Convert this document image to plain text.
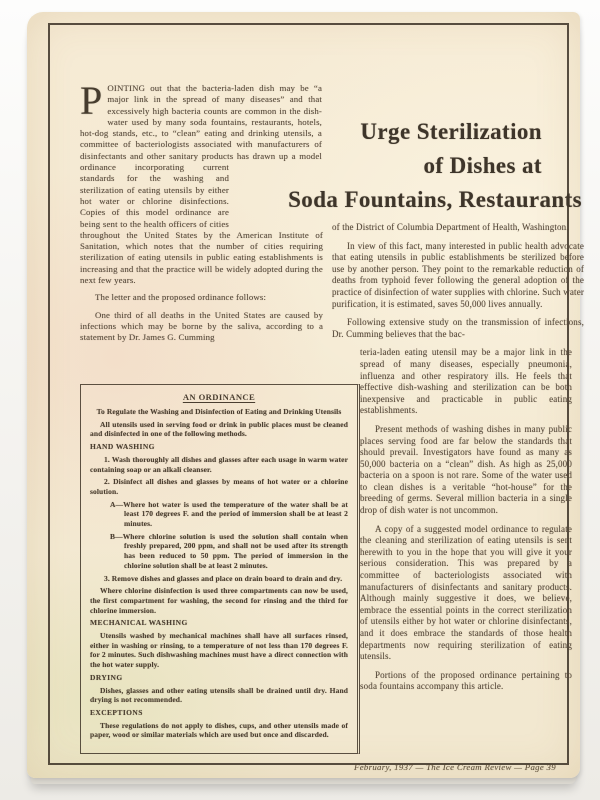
Urge Sterilization
of Dishes at
Soda Fountains, Restaurants

P OINTING out that the bacteria-laden dish may be “a major link in the spread of many diseases” and that excessively high bacteria counts are common in the dish-water used by many soda fountains, restaurants, hotels, hot-dog stands, etc., to “clean” eating and drinking utensils, a committee of bacteriologists associated with manufacturers of disinfectants and other sanitary products has drawn up a model ordinance incorporating current standards for the washing and sterilization of eating utensils by either hot water or chlorine disinfections. Copies of this model ordinance are being sent to the health officers of cities throughout the United States by the American Institute of Sanitation, which notes that the number of cities requiring sterilization of eating utensils in public eating establishments is increasing and that the practice will be widely adopted during the next few years.

The letter and the proposed ordinance follows:

One third of all deaths in the United States are caused by infections which may be borne by the saliva, according to a statement by Dr. James G. Cumming

AN ORDINANCE

To Regulate the Washing and Disinfection of Eating and Drinking Utensils

All utensils used in serving food or drink in public places must be cleaned and disinfected in one of the following methods.

HAND WASHING

1. Wash thoroughly all dishes and glasses after each usage in warm water containing soap or an alkali cleanser.

2. Disinfect all dishes and glasses by means of hot water or a chlorine solution.

A—Where hot water is used the temperature of the water shall be at least 170 degrees F. and the period of immersion shall be at least 2 minutes.

B—Where chlorine solution is used the solution shall contain when freshly prepared, 200 ppm, and shall not be used after its strength has been reduced to 50 ppm. The period of immersion in the chlorine solution shall be at least 2 minutes.

3. Remove dishes and glasses and place on drain board to drain and dry.

Where chlorine disinfection is used three compartments can now be used, the first compartment for washing, the second for rinsing and the third for chlorine immersion.

MECHANICAL WASHING

Utensils washed by mechanical machines shall have all surfaces rinsed, either in washing or rinsing, to a temperature of not less than 170 degrees F. for 2 minutes. Such dishwashing machines must have a direct connection with the hot water supply.

DRYING

Dishes, glasses and other eating utensils shall be drained until dry. Hand drying is not recommended.

EXCEPTIONS

These regulations do not apply to dishes, cups, and other utensils made of paper, wood or similar materials which are used but once and discarded.

of the District of Columbia Department of Health, Washington.

In view of this fact, many interested in public health advocate that eating utensils in public establishments be sterilized before use by another person. They point to the remarkable reduction of deaths from typhoid fever following the general adoption of the practice of disinfection of water supplies with chlorine. Such water purification, it is estimated, saves 50,000 lives annually.

Following extensive study on the transmission of infections, Dr. Cumming believes that the bac-

teria-laden eating utensil may be a major link in the spread of many diseases, especially pneumonia, influenza and other respiratory ills. He feels that effective dish-washing and sterilization can be both inexpensive and practicable in public eating establishments.

Present methods of washing dishes in many public places serving food are far below the standards that should prevail. Investigators have found as many as 50,000 bacteria on a “clean” dish. As high as 25,000 bacteria on a spoon is not rare. Some of the water used to clean dishes is a veritable “hot-house” for the breeding of germs. Several million bacteria in a single drop of dish water is not uncommon.

A copy of a suggested model ordinance to regulate the cleaning and sterilization of eating utensils is sent herewith to you in the hope that you will give it your serious consideration. This was prepared by a committee of bacteriologists associated with manufacturers of disinfectants and sanitary products. Although mainly suggestive it does, we believe, embrace the essential points in the correct sterilization of utensils either by hot water or chlorine disinfectants, and it does embrace the standards of those health departments now requiring sterilization of eating utensils.

Portions of the proposed ordinance pertaining to soda fountains accompany this article.

February, 1937 — The Ice Cream Review — Page 39
